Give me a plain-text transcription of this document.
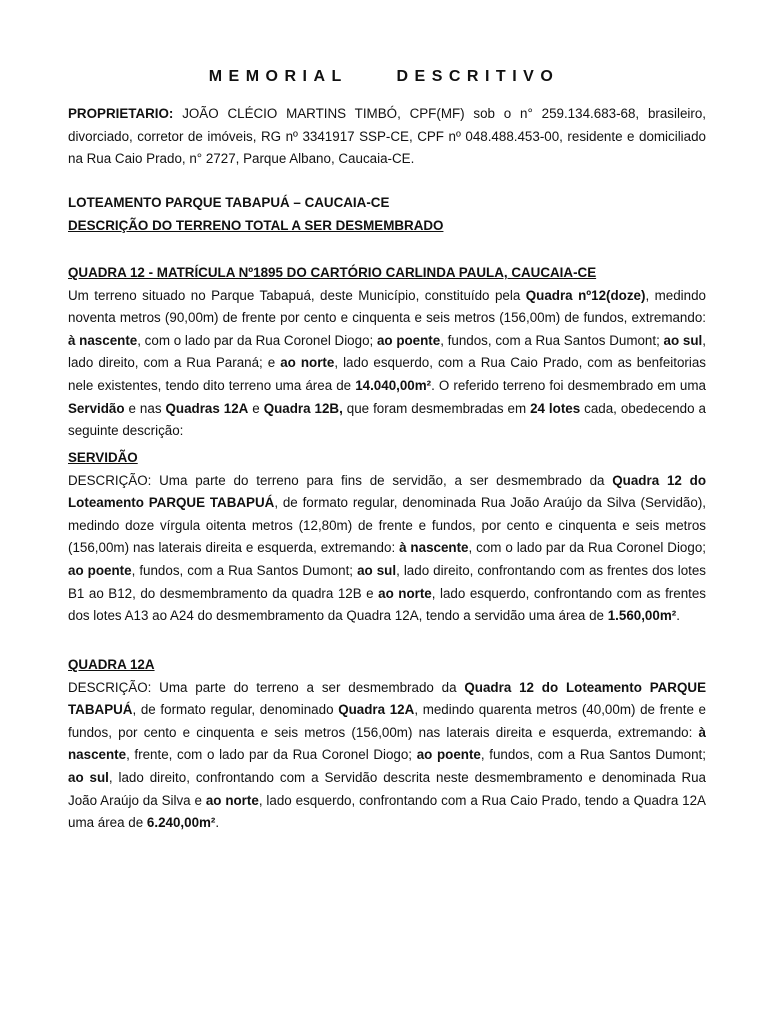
MEMORIAL DESCRITIVO

PROPRIETARIO: JOÃO CLÉCIO MARTINS TIMBÓ, CPF(MF) sob o n° 259.134.683-68, brasileiro, divorciado, corretor de imóveis, RG nº 3341917 SSP-CE, CPF nº 048.488.453-00, residente e domiciliado na Rua Caio Prado, n° 2727, Parque Albano, Caucaia-CE.

LOTEAMENTO PARQUE TABAPUÁ – CAUCAIA-CE
DESCRIÇÃO DO TERRENO TOTAL A SER DESMEMBRADO
QUADRA 12 - MATRÍCULA Nº1895 DO CARTÓRIO CARLINDA PAULA, CAUCAIA-CE

Um terreno situado no Parque Tabapuá, deste Município, constituído pela Quadra nº12(doze), medindo noventa metros (90,00m) de frente por cento e cinquenta e seis metros (156,00m) de fundos, extremando: à nascente, com o lado par da Rua Coronel Diogo; ao poente, fundos, com a Rua Santos Dumont; ao sul, lado direito, com a Rua Paraná; e ao norte, lado esquerdo, com a Rua Caio Prado, com as benfeitorias nele existentes, tendo dito terreno uma área de 14.040,00m². O referido terreno foi desmembrado em uma Servidão e nas Quadras 12A e Quadra 12B, que foram desmembradas em 24 lotes cada, obedecendo a seguinte descrição:

SERVIDÃO

DESCRIÇÃO: Uma parte do terreno para fins de servidão, a ser desmembrado da Quadra 12 do Loteamento PARQUE TABAPUÁ, de formato regular, denominada Rua João Araújo da Silva (Servidão), medindo doze vírgula oitenta metros (12,80m) de frente e fundos, por cento e cinquenta e seis metros (156,00m) nas laterais direita e esquerda, extremando: à nascente, com o lado par da Rua Coronel Diogo; ao poente, fundos, com a Rua Santos Dumont; ao sul, lado direito, confrontando com as frentes dos lotes B1 ao B12, do desmembramento da quadra 12B e ao norte, lado esquerdo, confrontando com as frentes dos lotes A13 ao A24 do desmembramento da Quadra 12A, tendo a servidão uma área de 1.560,00m².

QUADRA 12A

DESCRIÇÃO: Uma parte do terreno a ser desmembrado da Quadra 12 do Loteamento PARQUE TABAPUÁ, de formato regular, denominado Quadra 12A, medindo quarenta metros (40,00m) de frente e fundos, por cento e cinquenta e seis metros (156,00m) nas laterais direita e esquerda, extremando: à nascente, frente, com o lado par da Rua Coronel Diogo; ao poente, fundos, com a Rua Santos Dumont; ao sul, lado direito, confrontando com a Servidão descrita neste desmembramento e denominada Rua João Araújo da Silva e ao norte, lado esquerdo, confrontando com a Rua Caio Prado, tendo a Quadra 12A uma área de 6.240,00m².
